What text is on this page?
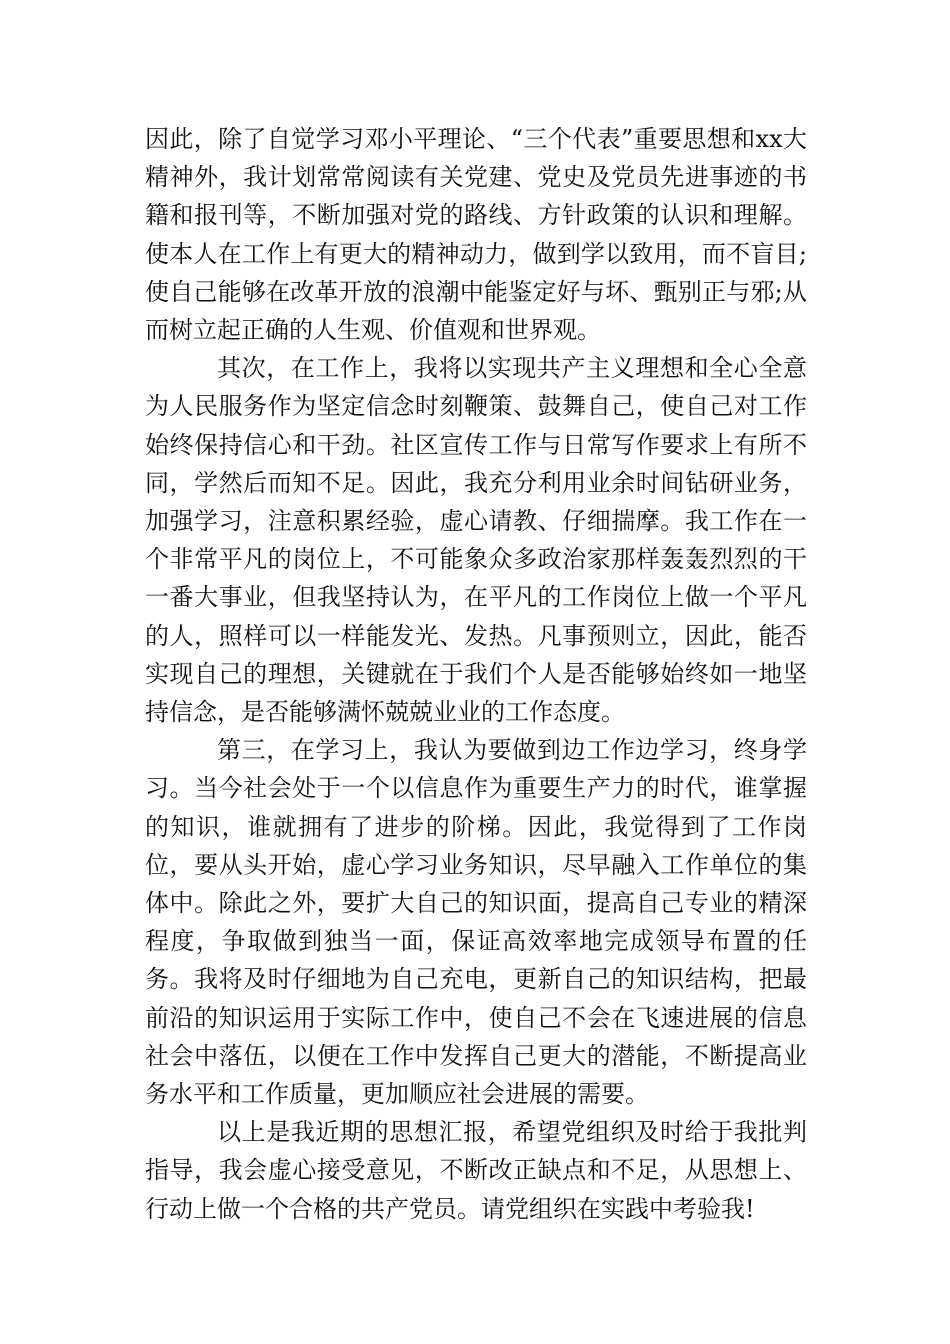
因此，除了自觉学习邓小平理论、“三个代表”重要思想和xx大精神外，我计划常常阅读有关党建、党史及党员先进事迹的书籍和报刊等，不断加强对党的路线、方针政策的认识和理解。使本人在工作上有更大的精神动力，做到学以致用，而不盲目;使自己能够在改革开放的浪潮中能鉴定好与坏、甄别正与邪;从而树立起正确的人生观、价值观和世界观。

其次，在工作上，我将以实现共产主义理想和全心全意为人民服务作为坚定信念时刻鞭策、鼓舞自己，使自己对工作始终保持信心和干劲。社区宣传工作与日常写作要求上有所不同，学然后而知不足。因此，我充分利用业余时间钻研业务，加强学习，注意积累经验，虚心请教、仔细揣摩。我工作在一个非常平凡的岗位上，不可能象众多政治家那样轰轰烈烈的干一番大事业，但我坚持认为，在平凡的工作岗位上做一个平凡的人，照样可以一样能发光、发热。凡事预则立，因此，能否实现自己的理想，关键就在于我们个人是否能够始终如一地坚持信念，是否能够满怀兢兢业业的工作态度。

第三，在学习上，我认为要做到边工作边学习，终身学习。当今社会处于一个以信息作为重要生产力的时代，谁掌握的知识，谁就拥有了进步的阶梯。因此，我觉得到了工作岗位，要从头开始，虚心学习业务知识，尽早融入工作单位的集体中。除此之外，要扩大自己的知识面，提高自己专业的精深程度，争取做到独当一面，保证高效率地完成领导布置的任务。我将及时仔细地为自己充电，更新自己的知识结构，把最前沿的知识运用于实际工作中，使自己不会在飞速进展的信息社会中落伍，以便在工作中发挥自己更大的潜能，不断提高业务水平和工作质量，更加顺应社会进展的需要。

以上是我近期的思想汇报，希望党组织及时给于我批判指导，我会虚心接受意见，不断改正缺点和不足，从思想上、行动上做一个合格的共产党员。请党组织在实践中考验我!
